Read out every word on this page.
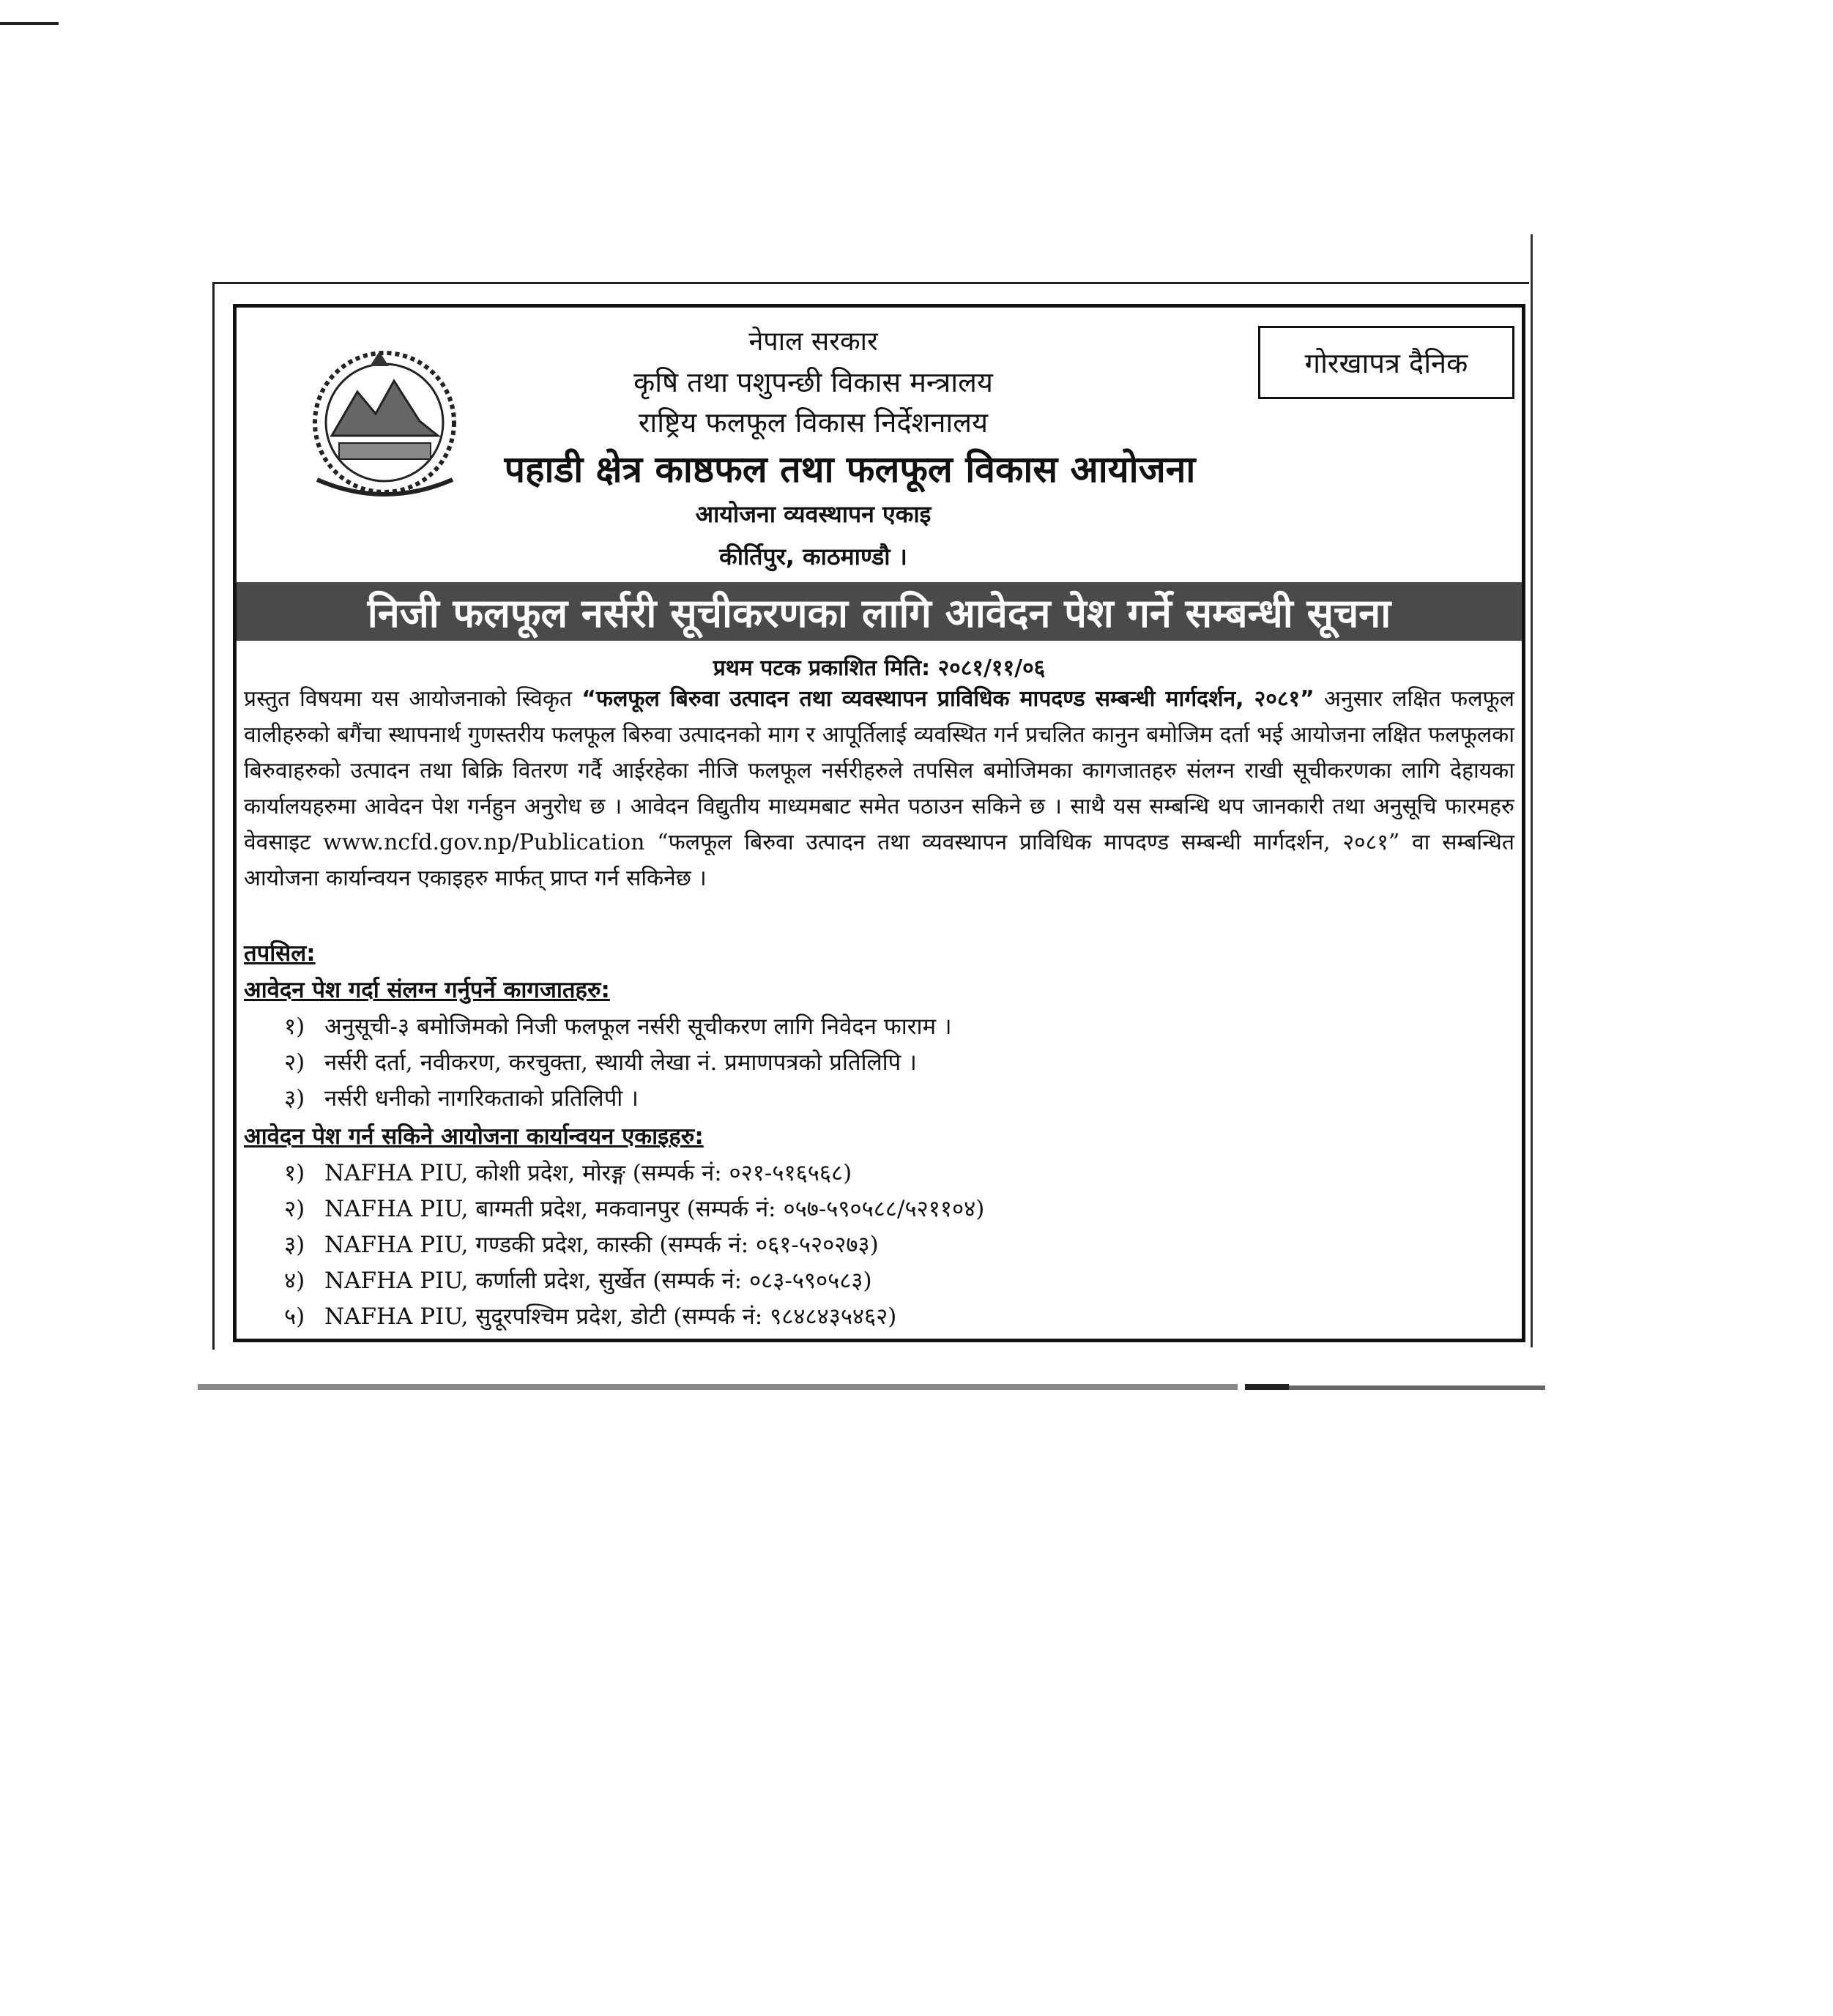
गोरखापत्र दैनिक
नेपाल सरकार
कृषि तथा पशुपन्छी विकास मन्त्रालय
राष्ट्रिय फलफूल विकास निर्देशनालय
पहाडी क्षेत्र काष्ठफल तथा फलफूल विकास आयोजना
आयोजना व्यवस्थापन एकाइ
कीर्तिपुर, काठमाण्डौ ।
निजी फलफूल नर्सरी सूचीकरणका लागि आवेदन पेश गर्ने सम्बन्धी सूचना
प्रथम पटक प्रकाशित मिति: २०८१/११/०६
प्रस्तुत विषयमा यस आयोजनाको स्विकृत “फलफूल बिरुवा उत्पादन तथा व्यवस्थापन प्राविधिक मापदण्ड सम्बन्धी मार्गदर्शन, २०८१” अनुसार लक्षित फलफूल वालीहरुको बगैंचा स्थापनार्थ गुणस्तरीय फलफूल बिरुवा उत्पादनको माग र आपूर्तिलाई व्यवस्थित गर्न प्रचलित कानुन बमोजिम दर्ता भई आयोजना लक्षित फलफूलका बिरुवाहरुको उत्पादन तथा बिक्रि वितरण गर्दै आईरहेका नीजि फलफूल नर्सरीहरुले तपसिल बमोजिमका कागजातहरु संलग्न राखी सूचीकरणका लागि देहायका कार्यालयहरुमा आवेदन पेश गर्नहुन अनुरोध छ । आवेदन विद्युतीय माध्यमबाट समेत पठाउन सकिने छ । साथै यस सम्बन्धि थप जानकारी तथा अनुसूचि फारमहरु वेवसाइट www.ncfd.gov.np/Publication “फलफूल बिरुवा उत्पादन तथा व्यवस्थापन प्राविधिक मापदण्ड सम्बन्धी मार्गदर्शन, २०८१” वा सम्बन्धित आयोजना कार्यान्वयन एकाइहरु मार्फत् प्राप्त गर्न सकिनेछ ।
तपसिल:
आवेदन पेश गर्दा संलग्न गर्नुपर्ने कागजातहरु:
१) अनुसूची-३ बमोजिमको निजी फलफूल नर्सरी सूचीकरण लागि निवेदन फाराम ।
२) नर्सरी दर्ता, नवीकरण, करचुक्ता, स्थायी लेखा नं. प्रमाणपत्रको प्रतिलिपि ।
३) नर्सरी धनीको नागरिकताको प्रतिलिपी ।
आवेदन पेश गर्न सकिने आयोजना कार्यान्वयन एकाइहरु:
१) NAFHA PIU, कोशी प्रदेश, मोरङ्ग (सम्पर्क नं: ०२१-५१६५६८)
२) NAFHA PIU, बाग्मती प्रदेश, मकवानपुर (सम्पर्क नं: ०५७-५९०५८८/५२११०४)
३) NAFHA PIU, गण्डकी प्रदेश, कास्की (सम्पर्क नं: ०६१-५२०२७३)
४) NAFHA PIU, कर्णाली प्रदेश, सुर्खेत (सम्पर्क नं: ०८३-५९०५८३)
५) NAFHA PIU, सुदूरपश्चिम प्रदेश, डोटी (सम्पर्क नं: ९८४८४३५४६२)
